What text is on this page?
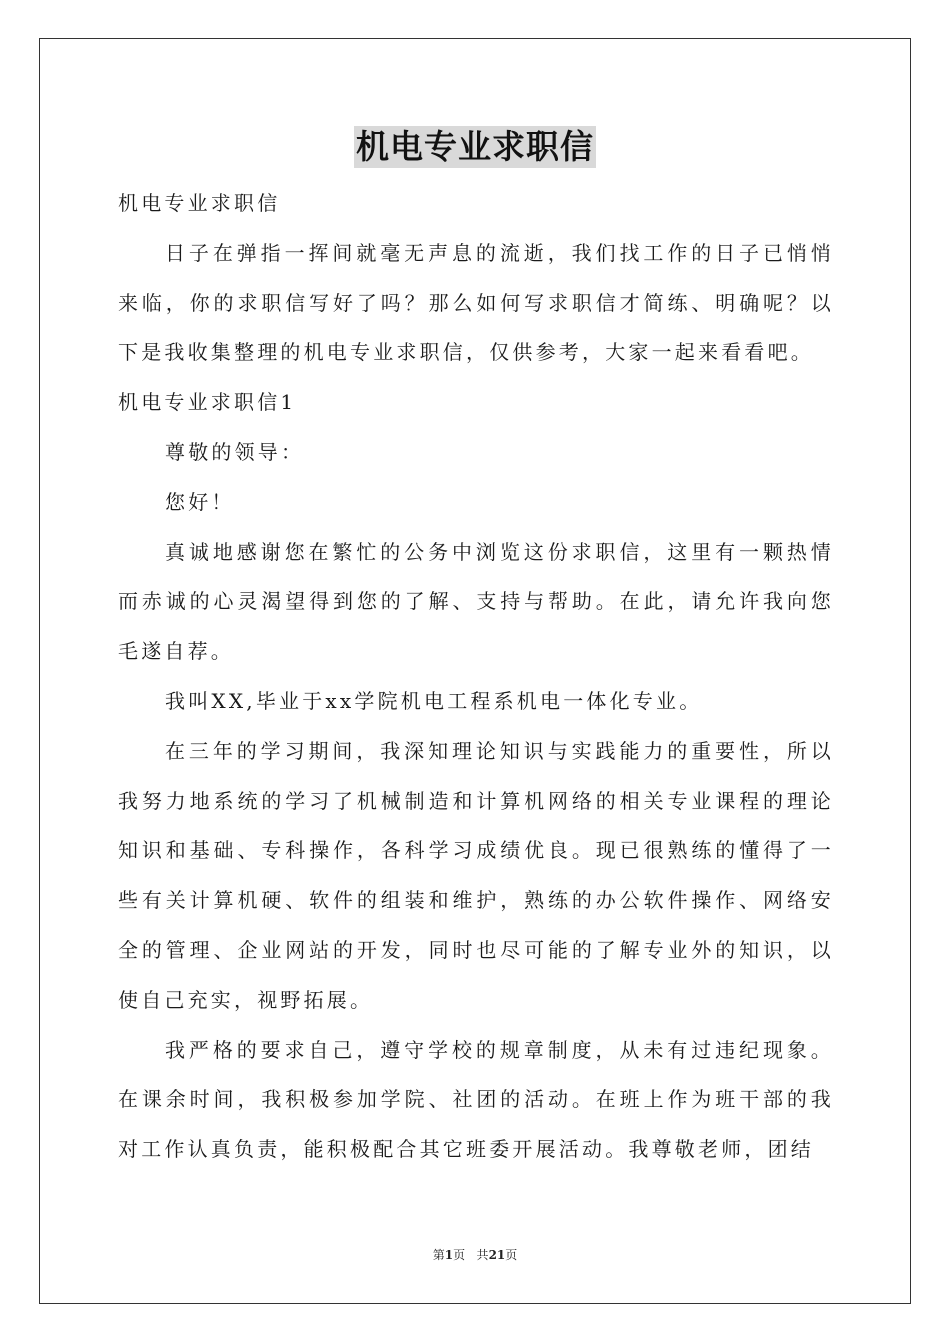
机电专业求职信

机电专业求职信

日子在弹指一挥间就毫无声息的流逝，我们找工作的日子已悄悄来临，你的求职信写好了吗？那么如何写求职信才简练、明确呢？以下是我收集整理的机电专业求职信，仅供参考，大家一起来看看吧。

机电专业求职信1

尊敬的领导：

您好！

真诚地感谢您在繁忙的公务中浏览这份求职信，这里有一颗热情而赤诚的心灵渴望得到您的了解、支持与帮助。在此，请允许我向您毛遂自荐。

我叫XX,毕业于xx学院机电工程系机电一体化专业。

在三年的学习期间，我深知理论知识与实践能力的重要性，所以我努力地系统的学习了机械制造和计算机网络的相关专业课程的理论知识和基础、专科操作，各科学习成绩优良。现已很熟练的懂得了一些有关计算机硬、软件的组装和维护，熟练的办公软件操作、网络安全的管理、企业网站的开发，同时也尽可能的了解专业外的知识，以使自己充实，视野拓展。

我严格的要求自己，遵守学校的规章制度，从未有过违纪现象。在课余时间，我积极参加学院、社团的活动。在班上作为班干部的我对工作认真负责，能积极配合其它班委开展活动。我尊敬老师，团结

第1页 共21页
